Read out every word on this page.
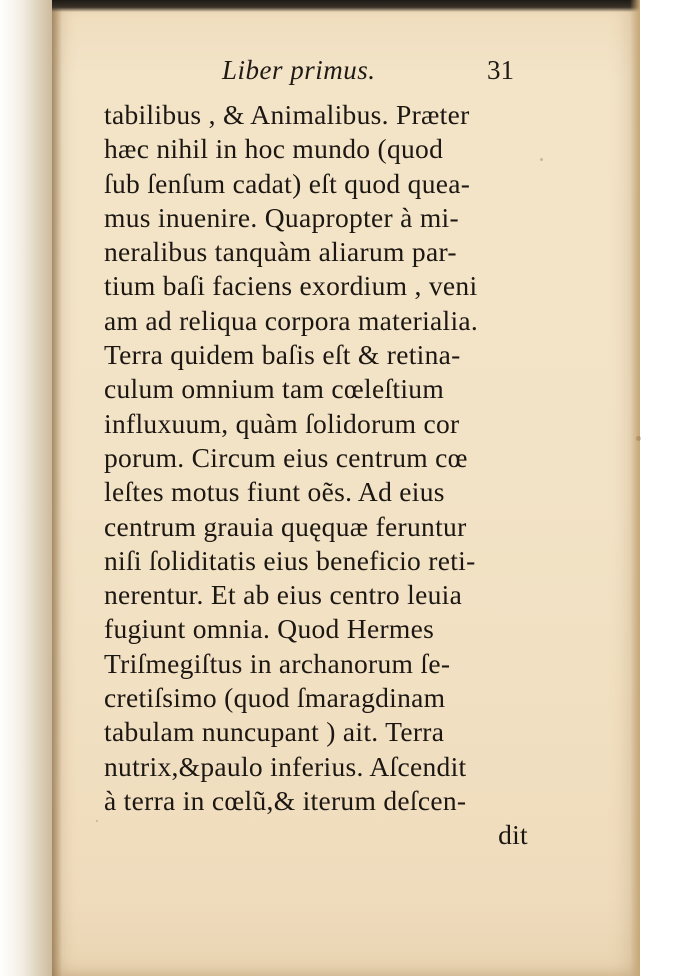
Liber primus.	31
tabilibus , & Animalibus. Præter
hæc nihil in hoc mundo (quod
ſub ſenſum cadat) eſt quod quea-
mus inuenire. Quapropter à mi-
neralibus tanquàm aliarum par-
tium baſi faciens exordium , veni
am ad reliqua corpora materialia.
Terra quidem baſis eſt & retina-
culum omnium tam cœleſtium
influxuum, quàm ſolidorum cor
porum. Circum eius centrum cœ
leſtes motus fiunt oẽs. Ad eius
centrum grauia quęquæ feruntur
niſi ſoliditatis eius beneficio reti-
nerentur. Et ab eius centro leuia
fugiunt omnia. Quod Hermes
Triſmegiſtus in archanorum ſe-
cretiſsimo (quod ſmaragdinam
tabulam nuncupant ) ait. Terra
nutrix,&paulo inferius. Aſcendit
à terra in cœlũ,& iterum deſcen-
dit
